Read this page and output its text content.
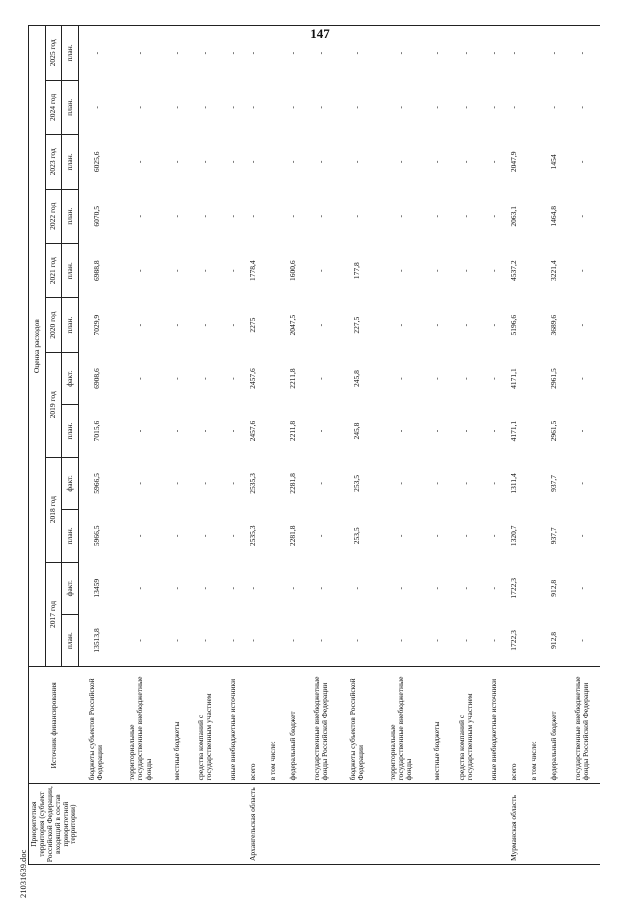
147
Приоритетная территория (субъект Российской Федерации, входящий в состав приоритетной территории)	Источник финансирования	Оценка расходов											
		2017 год		2018 год		2019 год		2020 год	2021 год	2022 год	2023 год	2024 год	2025 год
		план.	факт.	план.	факт.	план.	факт.	план.	план.	план.	план.	план.	план.
	бюджеты субъектов Российской Федерации	13513,8	13459	5966,5	5966,5	7015,6	6908,6	7029,9	6988,8	6070,5	6025,6	-	-
	территориальные государственные внебюджетные фонды	-	-	-	-	-	-	-	-	-	-	-	-
	местные бюджеты	-	-	-	-	-	-	-	-	-	-	-	-
	средства компаний с государственным участием	-	-	-	-	-	-	-	-	-	-	-	-
	иные внебюджетные источники	-	-	-	-	-	-	-	-	-	-	-	-
Архангельская область	всего	-	-	2535,3	2535,3	2457,6	2457,6	2275	1778,4	-	-	-	-
	в том числе:												
	федеральный бюджет	-	-	2281,8	2281,8	2211,8	2211,8	2047,5	1600,6	-	-	-	-
	государственные внебюджетные фонды Российской Федерации	-	-	-	-	-	-	-	-	-	-	-	-
	бюджеты субъектов Российской Федерации	-	-	253,5	253,5	245,8	245,8	227,5	177,8	-	-	-	-
	территориальные государственные внебюджетные фонды	-	-	-	-	-	-	-	-	-	-	-	-
	местные бюджеты	-	-	-	-	-	-	-	-	-	-	-	-
	средства компаний с государственным участием	-	-	-	-	-	-	-	-	-	-	-	-
	иные внебюджетные источники	-	-	-	-	-	-	-	-	-	-	-	-
Мурманская область	всего	1722,3	1722,3	1320,7	1311,4	4171,1	4171,1	5196,6	4537,2	2063,1	2047,9	-	-
	в том числе:												
	федеральный бюджет	912,8	912,8	937,7	937,7	2961,5	2961,5	3689,6	3221,4	1464,8	1454	-	-
	государственные внебюджетные фонды Российской Федерации	-	-	-	-	-	-	-	-	-	-	-	-
21031639.doc
